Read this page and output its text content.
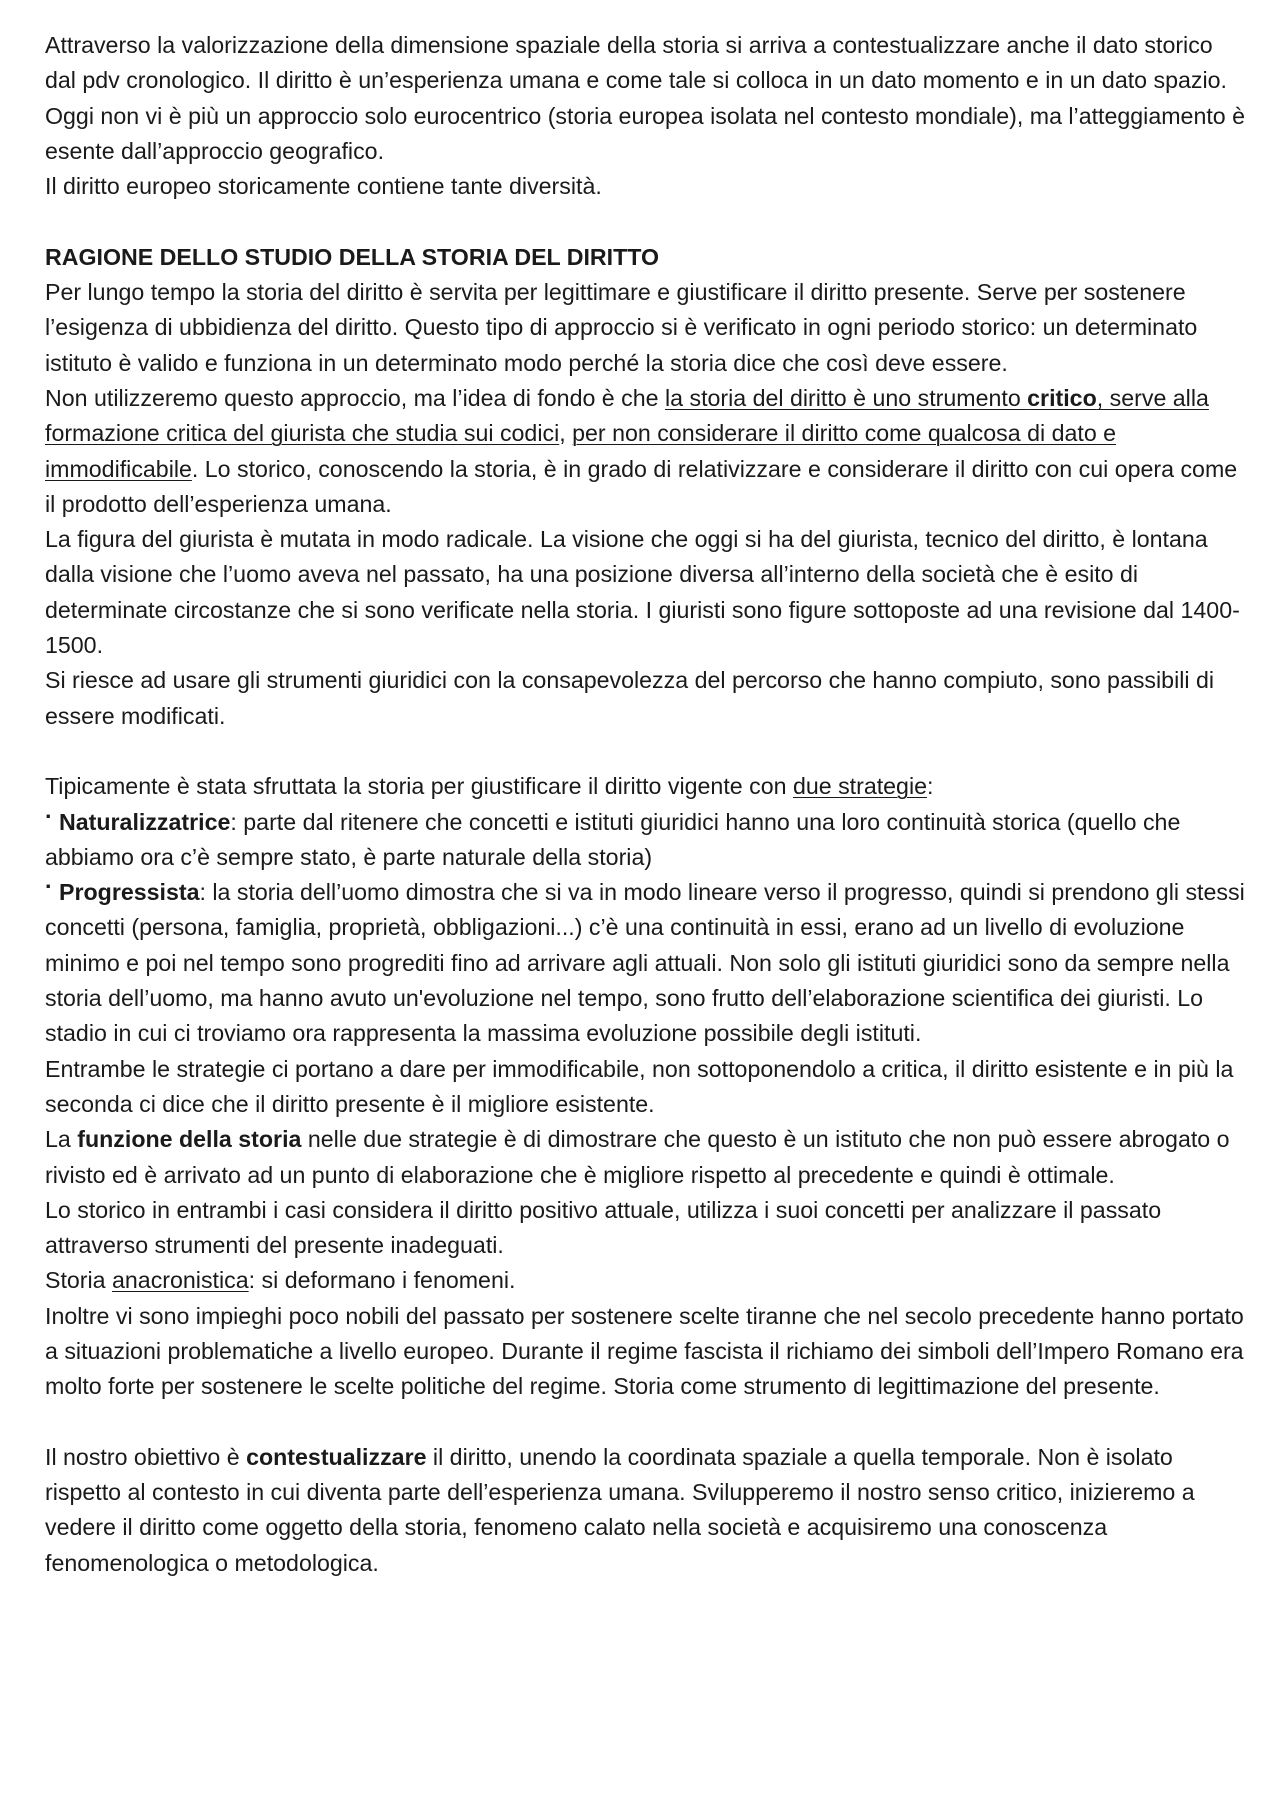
Attraverso la valorizzazione della dimensione spaziale della storia si arriva a contestualizzare anche il dato storico dal pdv cronologico. Il diritto è un’esperienza umana e come tale si colloca in un dato momento e in un dato spazio.

Oggi non vi è più un approccio solo eurocentrico (storia europea isolata nel contesto mondiale), ma l’atteggiamento è esente dall’approccio geografico.

Il diritto europeo storicamente contiene tante diversità.

RAGIONE DELLO STUDIO DELLA STORIA DEL DIRITTO

Per lungo tempo la storia del diritto è servita per legittimare e giustificare il diritto presente. Serve per sostenere l’esigenza di ubbidienza del diritto. Questo tipo di approccio si è verificato in ogni periodo storico: un determinato istituto è valido e funziona in un determinato modo perché la storia dice che così deve essere.

Non utilizzeremo questo approccio, ma l’idea di fondo è che la storia del diritto è uno strumento critico, serve alla formazione critica del giurista che studia sui codici, per non considerare il diritto come qualcosa di dato e immodificabile. Lo storico, conoscendo la storia, è in grado di relativizzare e considerare il diritto con cui opera come il prodotto dell’esperienza umana.

La figura del giurista è mutata in modo radicale. La visione che oggi si ha del giurista, tecnico del diritto, è lontana dalla visione che l’uomo aveva nel passato, ha una posizione diversa all’interno della società che è esito di determinate circostanze che si sono verificate nella storia. I giuristi sono figure sottoposte ad una revisione dal 1400-1500.

Si riesce ad usare gli strumenti giuridici con la consapevolezza del percorso che hanno compiuto, sono passibili di essere modificati.

Tipicamente è stata sfruttata la storia per giustificare il diritto vigente con due strategie:

· Naturalizzatrice: parte dal ritenere che concetti e istituti giuridici hanno una loro continuità storica (quello che abbiamo ora c’è sempre stato, è parte naturale della storia)

· Progressista: la storia dell’uomo dimostra che si va in modo lineare verso il progresso, quindi si prendono gli stessi concetti (persona, famiglia, proprietà, obbligazioni...) c’è una continuità in essi, erano ad un livello di evoluzione minimo e poi nel tempo sono progrediti fino ad arrivare agli attuali. Non solo gli istituti giuridici sono da sempre nella storia dell’uomo, ma hanno avuto un'evoluzione nel tempo, sono frutto dell’elaborazione scientifica dei giuristi. Lo stadio in cui ci troviamo ora rappresenta la massima evoluzione possibile degli istituti.

Entrambe le strategie ci portano a dare per immodificabile, non sottoponendolo a critica, il diritto esistente e in più la seconda ci dice che il diritto presente è il migliore esistente.

La funzione della storia nelle due strategie è di dimostrare che questo è un istituto che non può essere abrogato o rivisto ed è arrivato ad un punto di elaborazione che è migliore rispetto al precedente e quindi è ottimale.

Lo storico in entrambi i casi considera il diritto positivo attuale, utilizza i suoi concetti per analizzare il passato attraverso strumenti del presente inadeguati.

Storia anacronistica: si deformano i fenomeni.

Inoltre vi sono impieghi poco nobili del passato per sostenere scelte tiranne che nel secolo precedente hanno portato a situazioni problematiche a livello europeo. Durante il regime fascista il richiamo dei simboli dell’Impero Romano era molto forte per sostenere le scelte politiche del regime. Storia come strumento di legittimazione del presente.

Il nostro obiettivo è contestualizzare il diritto, unendo la coordinata spaziale a quella temporale. Non è isolato rispetto al contesto in cui diventa parte dell’esperienza umana. Svilupperemo il nostro senso critico, inizieremo a vedere il diritto come oggetto della storia, fenomeno calato nella società e acquisiremo una conoscenza fenomenologica o metodologica.
